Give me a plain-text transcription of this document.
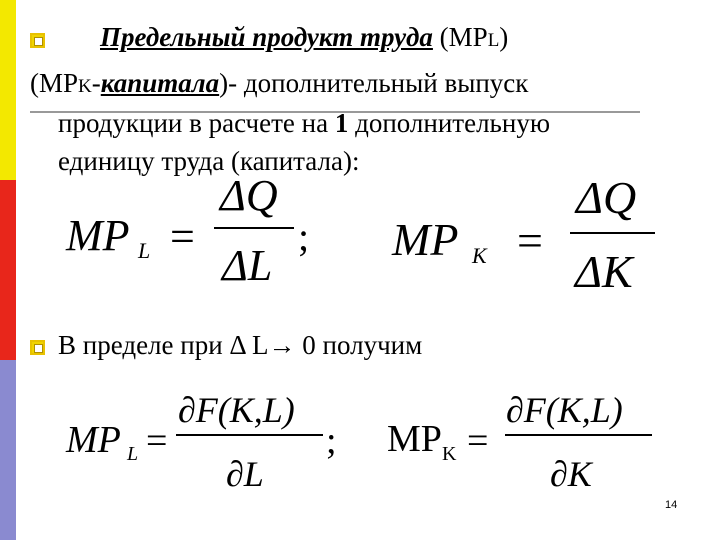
Предельный продукт труда (MPL)
(MPK-капитала)- дополнительный выпуск
продукции в расчете на 1 дополнительную
единицу труда (капитала):
MP L =
ΔQ
ΔL
; MP K =
ΔQ
ΔK
В пределе при Δ L→ 0 получим
MP L =
∂F(K,L)
∂L
; MP K =
∂F(K,L)
∂K
14
